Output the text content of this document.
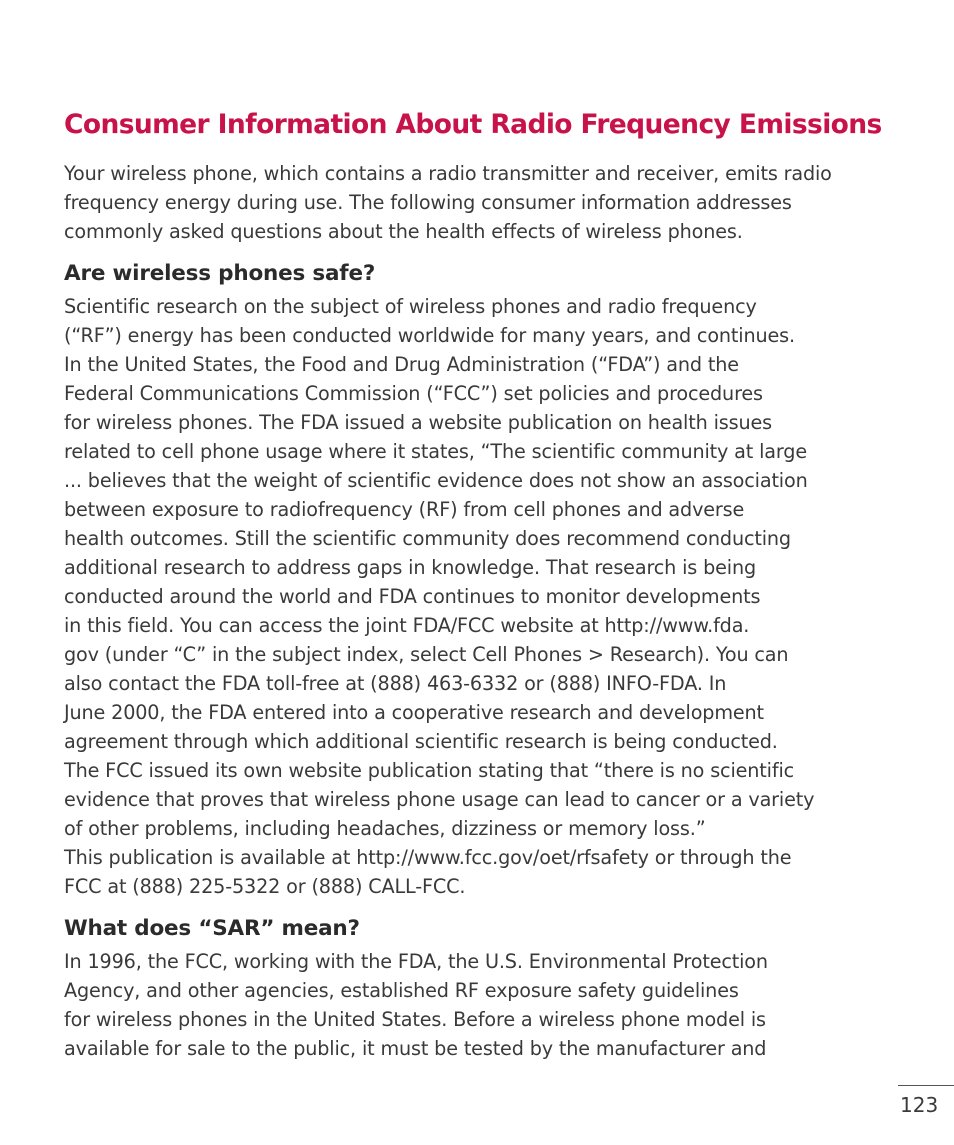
Consumer Information About Radio Frequency Emissions

Your wireless phone, which contains a radio transmitter and receiver, emits radio
frequency energy during use. The following consumer information addresses
commonly asked questions about the health effects of wireless phones.

Are wireless phones safe?

Scientific research on the subject of wireless phones and radio frequency
(“RF”) energy has been conducted worldwide for many years, and continues.
In the United States, the Food and Drug Administration (“FDA”) and the
Federal Communications Commission (“FCC”) set policies and procedures
for wireless phones. The FDA issued a website publication on health issues
related to cell phone usage where it states, “The scientific community at large
... believes that the weight of scientific evidence does not show an association
between exposure to radiofrequency (RF) from cell phones and adverse
health outcomes. Still the scientific community does recommend conducting
additional research to address gaps in knowledge. That research is being
conducted around the world and FDA continues to monitor developments
in this field. You can access the joint FDA/FCC website at http://www.fda.
gov (under “C” in the subject index, select Cell Phones > Research). You can
also contact the FDA toll-free at (888) 463-6332 or (888) INFO-FDA. In
June 2000, the FDA entered into a cooperative research and development
agreement through which additional scientific research is being conducted.
The FCC issued its own website publication stating that “there is no scientific
evidence that proves that wireless phone usage can lead to cancer or a variety
of other problems, including headaches, dizziness or memory loss.”

This publication is available at http://www.fcc.gov/oet/rfsafety or through the
FCC at (888) 225-5322 or (888) CALL-FCC.

What does “SAR” mean?

In 1996, the FCC, working with the FDA, the U.S. Environmental Protection
Agency, and other agencies, established RF exposure safety guidelines
for wireless phones in the United States. Before a wireless phone model is
available for sale to the public, it must be tested by the manufacturer and

123
